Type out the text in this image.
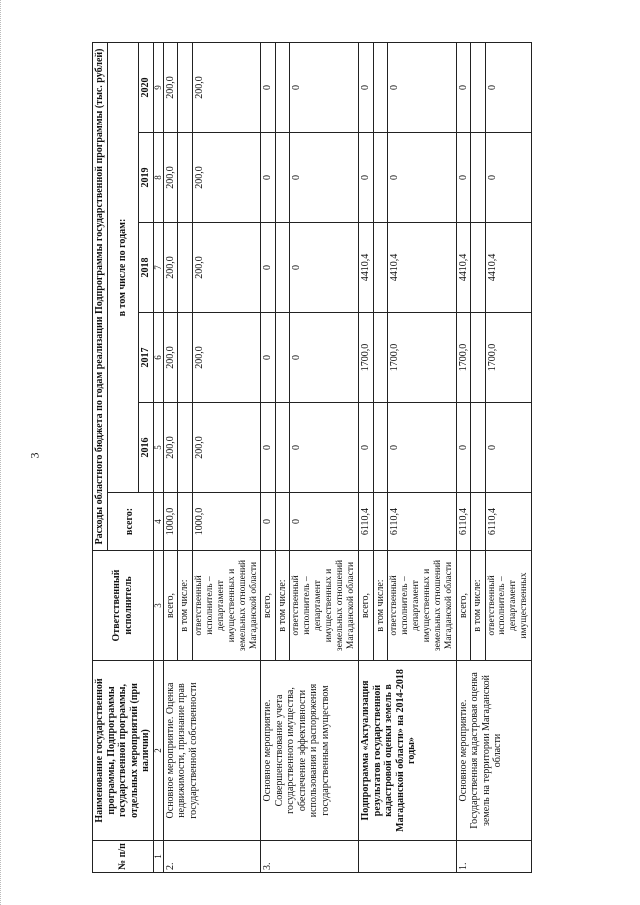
3
№ п/п	Наименование государственной программы, Подпрограммы государственной программы, отдельных мероприятий (при наличии)	Ответственный исполнитель	Расходы областного бюджета по годам реализации Подпрограммы государственной программы (тыс. рублей)					
			всего:	в том числе по годам:				
				2016	2017	2018	2019	2020
1	2	3	4	5	6	7	8	9
2.	Основное мероприятие. Оценка недвижимости, признание прав государственной собственности	всего,	1000,0	200,0	200,0	200,0	200,0	200,0
		в том числе:						
		ответственный исполнитель – департамент имущественных и земельных отношений Магаданской области	1000,0	200,0	200,0	200,0	200,0	200,0
3.	Основное мероприятие. Совершенствование учета государственного имущества, обеспечение эффективности использования и распоряжения государственным имуществом	всего,	0	0	0	0	0	0
		в том числе:						
		ответственный исполнитель – департамент имущественных и земельных отношений Магаданской области	0	0	0	0	0	0
	Подпрограмма «Актуализация результатов государственной кадастровой оценки земель в Магаданской области» на 2014-2018 годы»	всего,	6110,4	0	1700,0	4410,4	0	0
		в том числе:						
		ответственный исполнитель – департамент имущественных и земельных отношений Магаданской области	6110,4	0	1700,0	4410,4	0	0
1.	Основное мероприятие. Государственная кадастровая оценка земель на территории Магаданской области	всего,	6110,4	0	1700,0	4410,4	0	0
		в том числе:						
		ответственный исполнитель – департамент имущественных	6110,4	0	1700,0	4410,4	0	0
